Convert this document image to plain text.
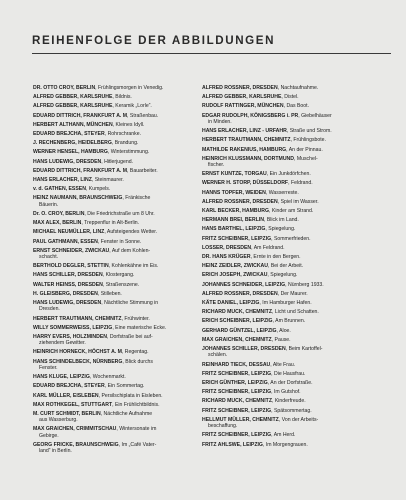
REIHENFOLGE DER ABBILDUNGEN
DR. OTTO CROY, BERLIN, Frühlingsmorgen in Venedig.
ALFRED GEBBER, KARLSRUHE, Bildnis.
ALFRED GEBBER, KARLSRUHE, Keramik „Lorle“.
EDUARD DITTRICH, FRANKFURT A. M, Straßenbau.
HERBERT ALTHANN, MÜNCHEN, Kleines Idyll.
EDUARD BREJCHA, STEYER, Rohrschranke.
J. RECHENBERG, HEIDELBERG, Brandung.
WERNER HENSEL, HAMBURG, Winterstimmung.
HANS LUDEWIG, DRESDEN, Hitlerjugend.
EDUARD DITTRICH, FRANKFURT A. M, Bauarbeiter.
HANS ERLACHER, LINZ, Steinmaurer.
v. d. GATHEN, ESSEN, Kumpels.
HEINZ NAUMANN, BRAUNSCHWEIG, Fränkische
Bäuerin.
Dr. O. CROY, BERLIN, Die Friedrichstraße um 8 Uhr.
MAX ALEX, BERLIN, Treppenflur in Alt-Berlin.
MICHAEL NEUMÜLLER, LINZ, Aufsteigendes Wetter.
PAUL GATHMANN, ESSEN, Fenster in Sonne.
ERNST SCHNEIDER, ZWICKAU, Auf dem Kohlen-
schacht.
BERTHOLD DEGLER, STETTIN, Kohlenkähne im Eis.
HANS SCHILLER, DRESDEN, Klostergang.
WALTER HEINSS, DRESDEN, Straßenszene.
H. GLEISBERG, DRESDEN, Stilleben.
HANS LUDEWIG, DRESDEN, Nächtliche Stimmung in
Dresden.
HERBERT TRAUTMANN, CHEMNITZ, Frühwinter.
WILLY SOMMERWEISS, LEIPZIG, Eine materische Ecke.
HARRY EVERS, HOLZMINDEN, Dorfstraße bei auf-
ziehendem Gewitter.
HEINRICH HORNECK, HÖCHST A. M, Regentag.
HANS SCHINDELBECK, NÜRNBERG, Blick durchs
Fenster.
HANS KLUGE, LEIPZIG, Wochenmarkt.
EDUARD BREJCHA, STEYER, Ein Sommertag.
KARL MÜLLER, EISLEBEN, Persilschiplata in Eisleben.
MAX ROTHKEGEL, STUTTGART, Ein Frühlichtbildnis.
M. CURT SCHMIDT, BERLIN, Nächtliche Aufnahme
aus Wasserburg.
MAX GRAICHEN, CRIMMITSCHAU, Wintersonate im
Gebirge.
GEORG FRICKE, BRAUNSCHWEIG, Im „Café Vater-
land“ in Berlin.
ALFRED ROSSNER, DRESDEN, Nachtaufnahme.
ALFRED GEBBER, KARLSRUHE, Distel.
RUDOLF RATTINGER, MÜNCHEN, Das Boot.
EDGAR RUDOLPH, KÖNIGSBERG i. PR, Giebelhäuser
in Minden.
HANS ERLACHER, LINZ - URFAHR, Straße und Strom.
HERBERT TRAUTMANN, CHEMNITZ, Frühlingsbote.
MATHILDE RAKENIUS, HAMBURG, An der Pinnau.
HEINRICH KLUSSMANN, DORTMUND, Muschel-
fischer.
ERNST KUNTZE, TORGAU, Ein Junkdörfchen.
WERNER H. STORP, DÜSSELDORF, Feldrand.
HANNS TOPFER, WEIDEN, Wasserreste.
ALFRED ROSSNER, DRESDEN, Spiel im Wasser.
KARL BECKER, HAMBURG, Kinder am Strand.
HERMANN BREI, BERLIN, Blick im Land.
HANS BARTHEL, LEIPZIG, Spiegelung.
FRITZ SCHEIBNER, LEIPZIG, Sommerfrieden.
LOSSER, DRESDEN, Am Feldrand.
DR. HANS KRÜGER, Ernte in den Bergen.
HEINZ ZEIDLER, ZWICKAU, Bei der Arbeit.
ERICH JOSEPH, ZWICKAU, Spiegelung.
JOHANNES SCHNEIDER, LEIPZIG, Nürnberg 1933.
ALFRED ROSSNER, DRESDEN, Der Maurer.
KÄTE DANIEL, LEIPZIG, Im Hamburger Hafen.
RICHARD MUCK, CHEMNITZ, Licht und Schatten.
ERICH SCHEIBNER, LEIPZIG, Am Brunnen.
GERHARD GÜNTZEL, LEIPZIG, Aloe.
MAX GRAICHEN, CHEMNITZ, Pause.
JOHANNES SCHILLER, DRESDEN, Beim Kartoffel-
schälen.
REINHARD TIECK, DESSAU, Alte Frau.
FRITZ SCHEIBNER, LEIPZIG, Die Hausfrau.
ERICH GÜNTHER, LEIPZIG, An der Dorfstraße.
FRITZ SCHEIBNER, LEIPZIG, Im Gutshof.
RICHARD MUCK, CHEMNITZ, Kinderfreude.
FRITZ SCHEIBNER, LEIPZIG, Spätsommertag.
HELLMUT MÜLLER, CHEMNITZ, Von der Arbeits-
beschaffung.
FRITZ SCHEIBNER, LEIPZIG, Am Herd.
FRITZ AHLSWE, LEIPZIG, Im Morgengrauen.
